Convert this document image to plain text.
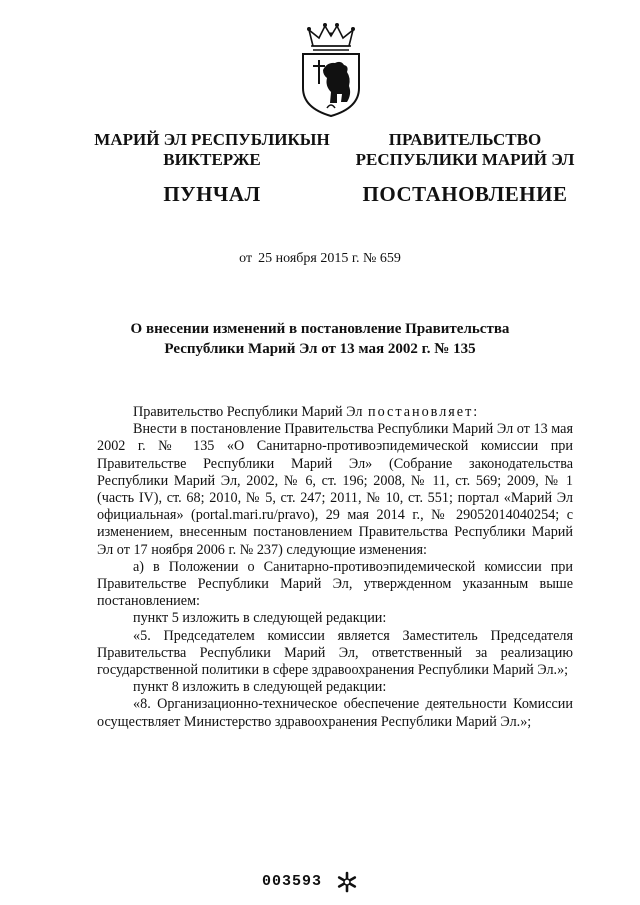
МАРИЙ ЭЛ РЕСПУБЛИКЫН
ВИКТЕРЖЕ
ПУНЧАЛ
ПРАВИТЕЛЬСТВО
РЕСПУБЛИКИ МАРИЙ ЭЛ
ПОСТАНОВЛЕНИЕ
от 25 ноября 2015 г. № 659
О внесении изменений в постановление Правительства
Республики Марий Эл от 13 мая 2002 г. № 135

Правительство Республики Марий Эл постановляет:

Внести в постановление Правительства Республики Марий Эл от 13 мая 2002 г. № 135 «О Санитарно-противоэпидемической комиссии при Правительстве Республики Марий Эл» (Собрание законодательства Республики Марий Эл, 2002, № 6, ст. 196; 2008, № 11, ст. 569; 2009, № 1 (часть IV), ст. 68; 2010, № 5, ст. 247; 2011, № 10, ст. 551; портал «Марий Эл официальная» (portal.mari.ru/pravo), 29 мая 2014 г., № 29052014040254; с изменением, внесенным постановлением Правительства Республики Марий Эл от 17 ноября 2006 г. № 237) следующие изменения:

а) в Положении о Санитарно-противоэпидемической комиссии при Правительстве Республики Марий Эл, утвержденном указанным выше постановлением:

пункт 5 изложить в следующей редакции:

«5. Председателем комиссии является Заместитель Председателя Правительства Республики Марий Эл, ответственный за реализацию государственной политики в сфере здравоохранения Республики Марий Эл.»;

пункт 8 изложить в следующей редакции:

«8. Организационно-техническое обеспечение деятельности Комиссии осуществляет Министерство здравоохранения Республики Марий Эл.»;

003593
